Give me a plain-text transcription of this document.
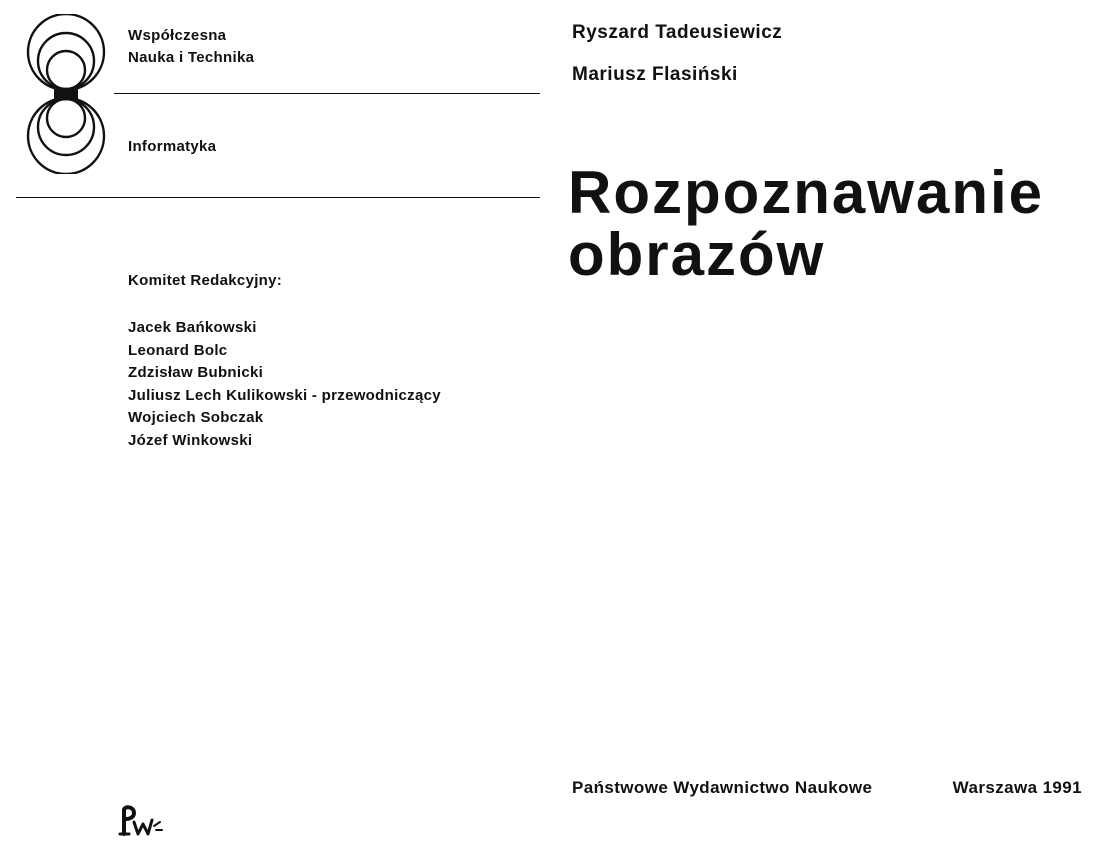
Współczesna
Nauka i Technika
Informatyka
Komitet Redakcyjny:
Jacek Bańkowski
Leonard Bolc
Zdzisław Bubnicki
Juliusz Lech Kulikowski - przewodniczący
Wojciech Sobczak
Józef Winkowski
Ryszard Tadeusiewicz
Mariusz Flasiński
Rozpoznawanie
obrazów
Państwowe Wydawnictwo Naukowe	Warszawa 1991
